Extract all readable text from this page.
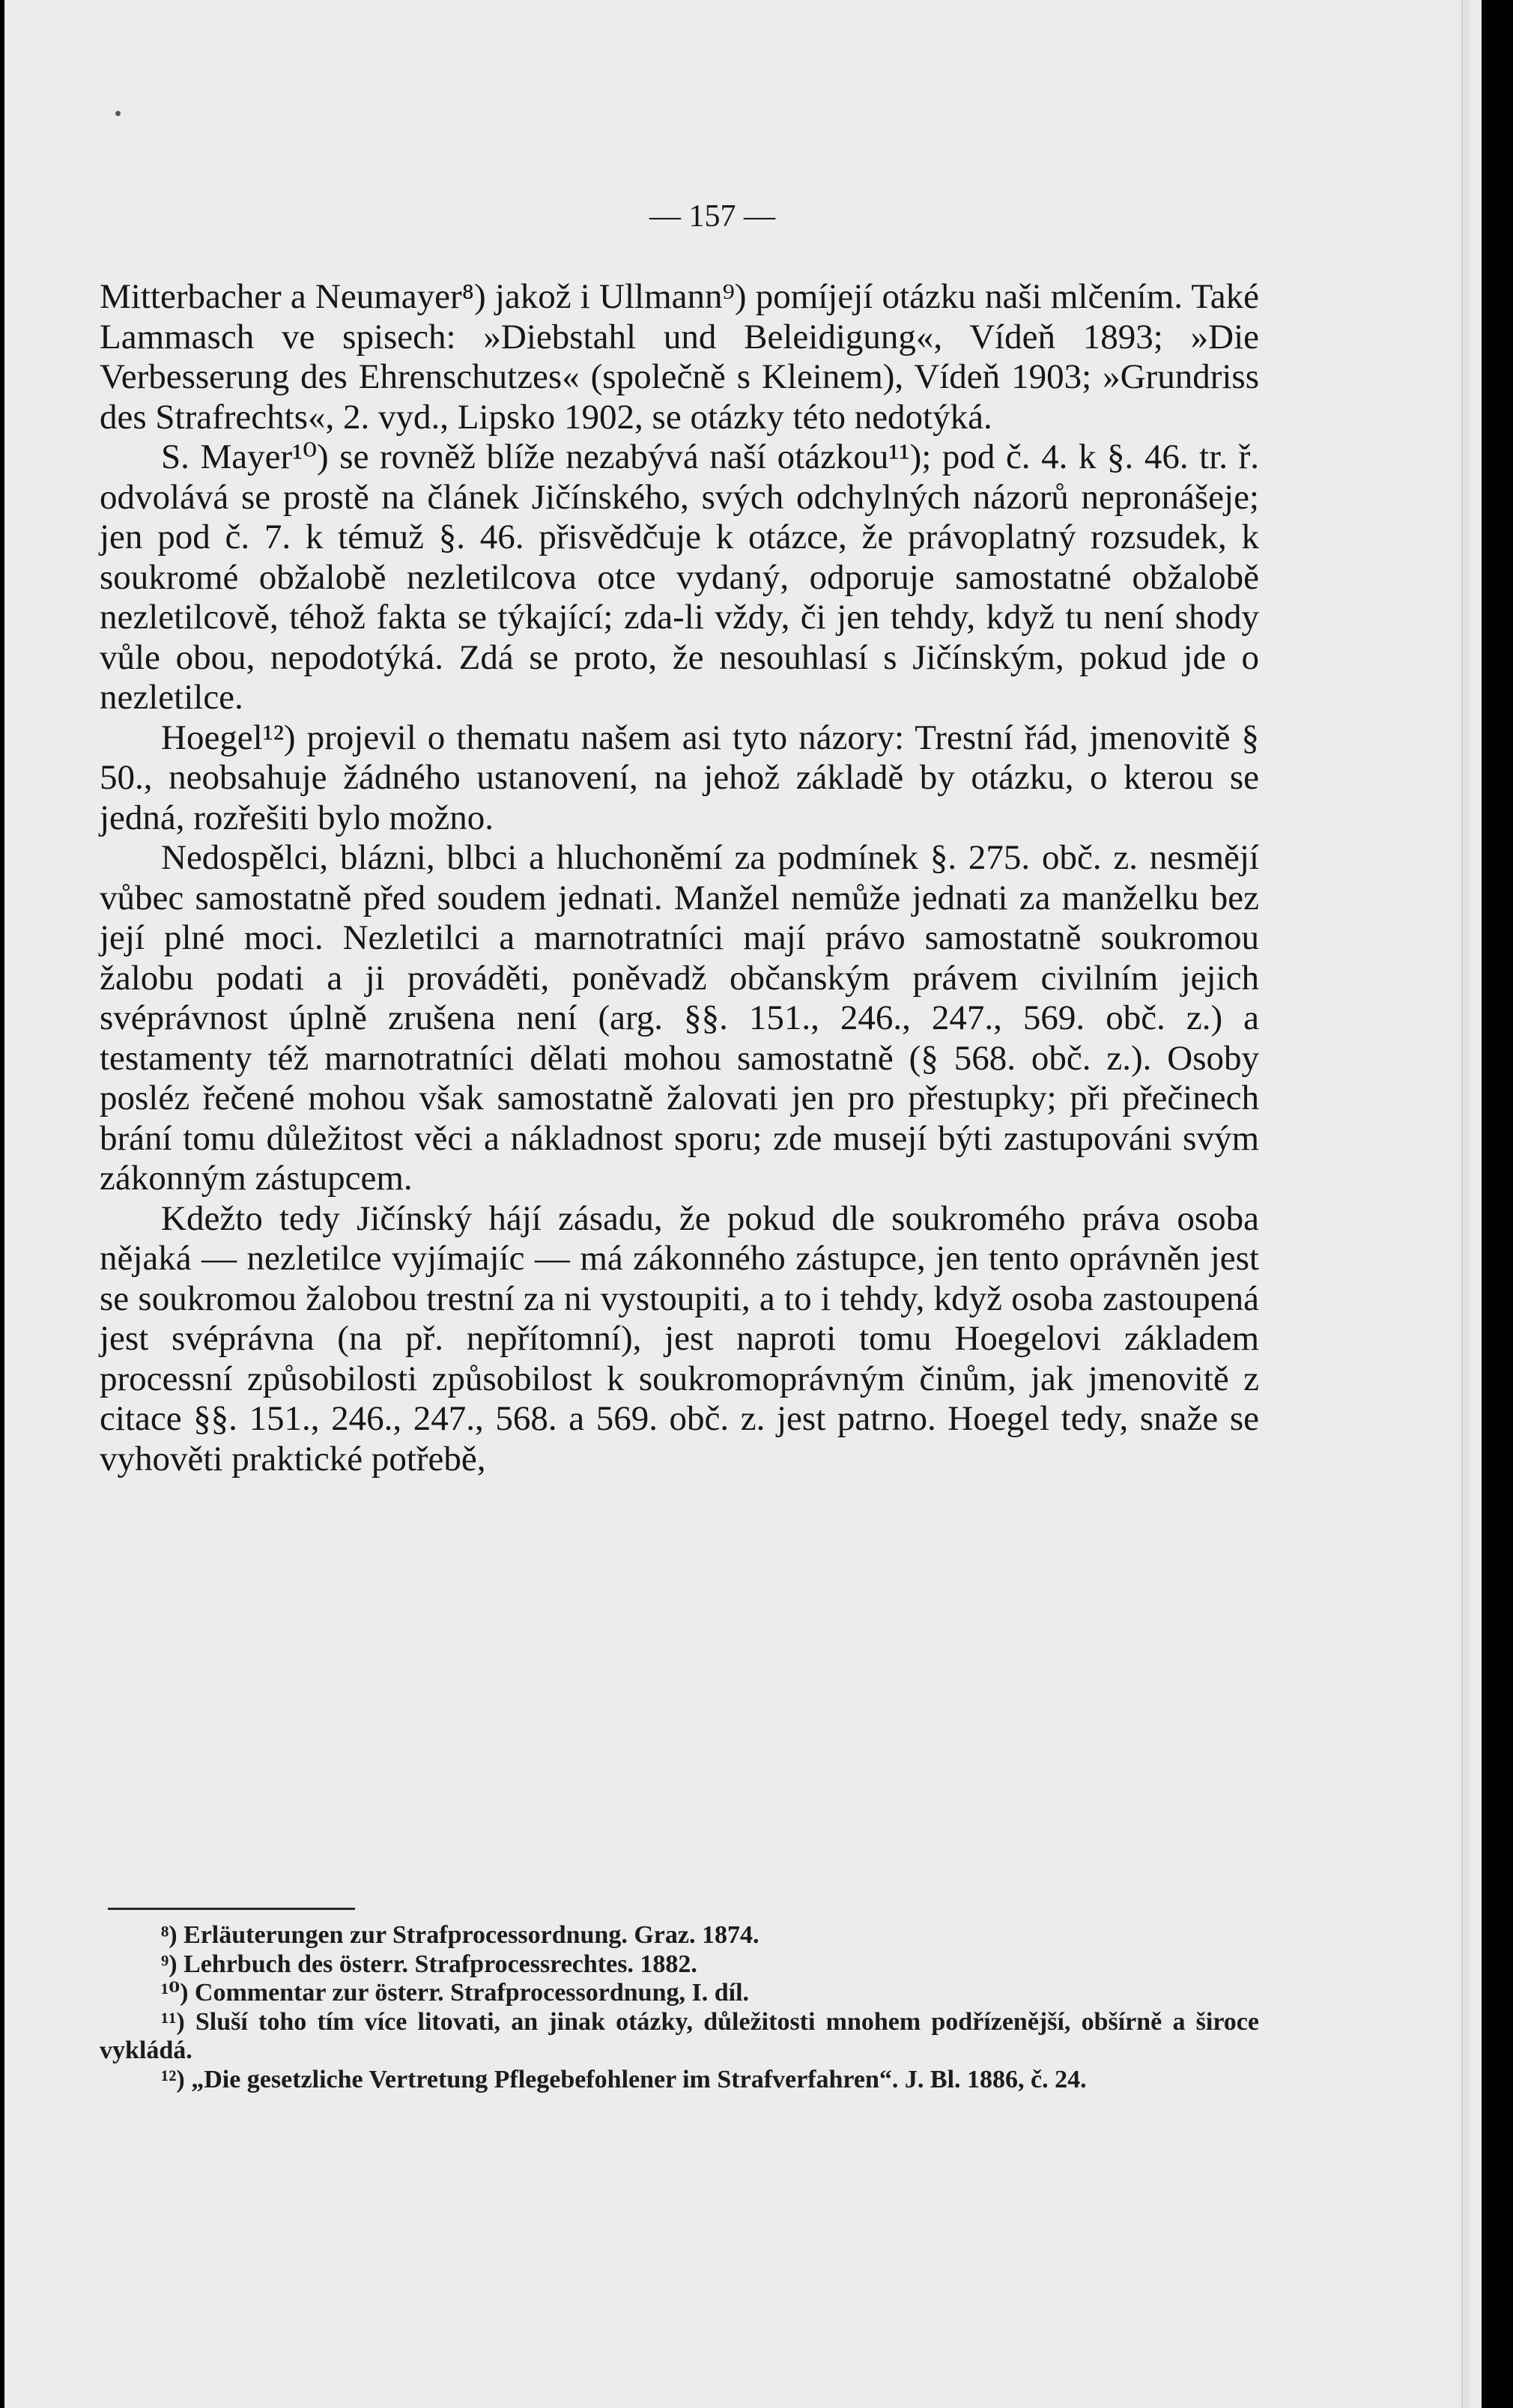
— 157 —

Mitterbacher a Neumayer⁸) jakož i Ullmann⁹) pomíjejí otázku naši mlčením. Také Lammasch ve spisech: »Diebstahl und Beleidigung«, Vídeň 1893; »Die Verbesserung des Ehrenschutzes« (společně s Kleinem), Vídeň 1903; »Grundriss des Strafrechts«, 2. vyd., Lipsko 1902, se otázky této nedotýká.

S. Mayer¹⁰) se rovněž blíže nezabývá naší otázkou¹¹); pod č. 4. k §. 46. tr. ř. odvolává se prostě na článek Jičínského, svých odchylných názorů nepronášeje; jen pod č. 7. k témuž §. 46. přisvědčuje k otázce, že právoplatný rozsudek, k soukromé obžalobě nezletilcova otce vydaný, odporuje samostatné obžalobě nezletilcově, téhož fakta se týkající; zda-li vždy, či jen tehdy, když tu není shody vůle obou, nepodotýká. Zdá se proto, že nesouhlasí s Jičínským, pokud jde o nezletilce.

Hoegel¹²) projevil o thematu našem asi tyto názory: Trestní řád, jmenovitě § 50., neobsahuje žádného ustanovení, na jehož základě by otázku, o kterou se jedná, rozřešiti bylo možno.

Nedospělci, blázni, blbci a hluchoněmí za podmínek §. 275. obč. z. nesmějí vůbec samostatně před soudem jednati. Manžel nemůže jednati za manželku bez její plné moci. Nezletilci a marnotratníci mají právo samostatně soukromou žalobu podati a ji prováděti, poněvadž občanským právem civilním jejich svéprávnost úplně zrušena není (arg. §§. 151., 246., 247., 569. obč. z.) a testamenty též marnotratníci dělati mohou samostatně (§ 568. obč. z.). Osoby posléz řečené mohou však samostatně žalovati jen pro přestupky; při přečinech brání tomu důležitost věci a nákladnost sporu; zde musejí býti zastupováni svým zákonným zástupcem.

Kdežto tedy Jičínský hájí zásadu, že pokud dle soukromého práva osoba nějaká — nezletilce vyjímajíc — má zákonného zástupce, jen tento oprávněn jest se soukromou žalobou trestní za ni vystoupiti, a to i tehdy, když osoba zastoupená jest svéprávna (na př. nepřítomní), jest naproti tomu Hoegelovi základem processní způsobilosti způsobilost k soukromoprávným činům, jak jmenovitě z citace §§. 151., 246., 247., 568. a 569. obč. z. jest patrno. Hoegel tedy, snaže se vyhověti praktické potřebě,

⁸) Erläuterungen zur Strafprocessordnung. Graz. 1874.

⁹) Lehrbuch des österr. Strafprocessrechtes. 1882.

¹⁰) Commentar zur österr. Strafprocessordnung, I. díl.

¹¹) Sluší toho tím více litovati, an jinak otázky, důležitosti mnohem podřízenější, obšírně a široce vykládá.

¹²) „Die gesetzliche Vertretung Pflegebefohlener im Strafverfahren“. J. Bl. 1886, č. 24.
